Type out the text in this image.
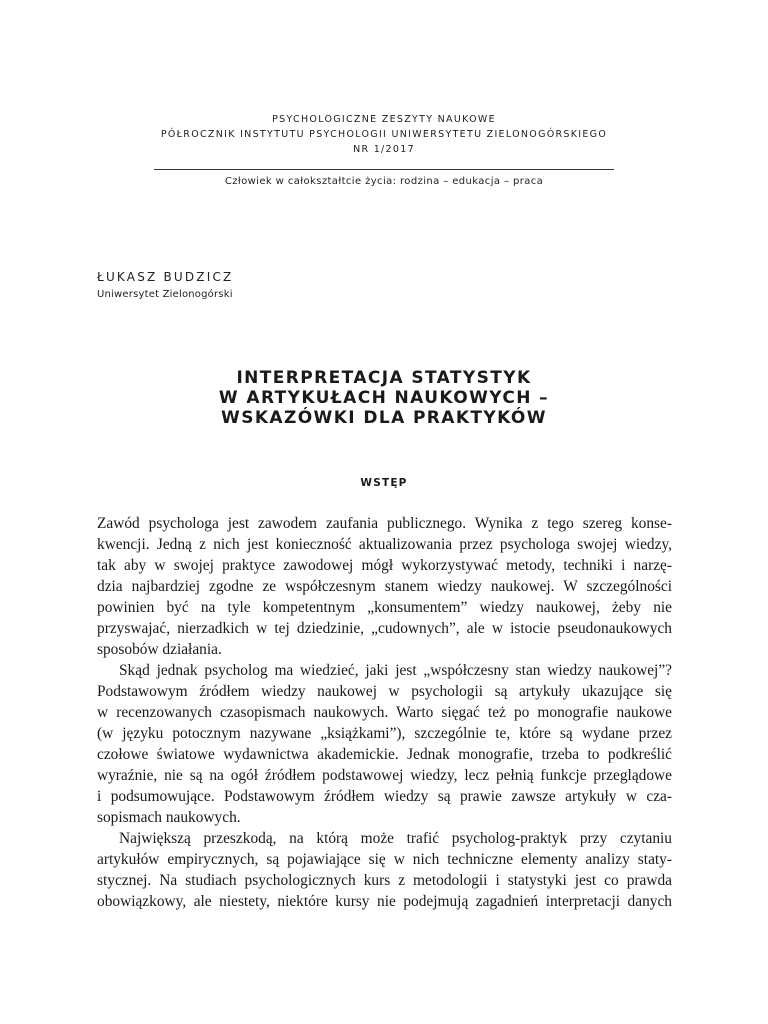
PSYCHOLOGICZNE ZESZYTY NAUKOWE
PÓŁROCZNIK INSTYTUTU PSYCHOLOGII UNIWERSYTETU ZIELONOGÓRSKIEGO
NR 1/2017
Człowiek w całokształtcie życia: rodzina – edukacja – praca
ŁUKASZ BUDZICZ
Uniwersytet Zielonogórski
INTERPRETACJA STATYSTYK
W ARTYKUŁACH NAUKOWYCH –
WSKAZÓWKI DLA PRAKTYKÓW
WSTĘP
Zawód psychologa jest zawodem zaufania publicznego. Wynika z tego szereg konse-
kwencji. Jedną z nich jest konieczność aktualizowania przez psychologa swojej wiedzy,
tak aby w swojej praktyce zawodowej mógł wykorzystywać metody, techniki i narzę-
dzia najbardziej zgodne ze współczesnym stanem wiedzy naukowej. W szczególności
powinien być na tyle kompetentnym „konsumentem” wiedzy naukowej, żeby nie
przyswajać, nierzadkich w tej dziedzinie, „cudownych”, ale w istocie pseudonaukowych
sposobów działania.
Skąd jednak psycholog ma wiedzieć, jaki jest „współczesny stan wiedzy naukowej”?
Podstawowym źródłem wiedzy naukowej w psychologii są artykuły ukazujące się
w recenzowanych czasopismach naukowych. Warto sięgać też po monografie naukowe
(w języku potocznym nazywane „książkami”), szczególnie te, które są wydane przez
czołowe światowe wydawnictwa akademickie. Jednak monografie, trzeba to podkreślić
wyraźnie, nie są na ogół źródłem podstawowej wiedzy, lecz pełnią funkcje przeglądowe
i podsumowujące. Podstawowym źródłem wiedzy są prawie zawsze artykuły w cza-
sopismach naukowych.
Największą przeszkodą, na którą może trafić psycholog-praktyk przy czytaniu
artykułów empirycznych, są pojawiające się w nich techniczne elementy analizy staty-
stycznej. Na studiach psychologicznych kurs z metodologii i statystyki jest co prawda
obowiązkowy, ale niestety, niektóre kursy nie podejmują zagadnień interpretacji danych
